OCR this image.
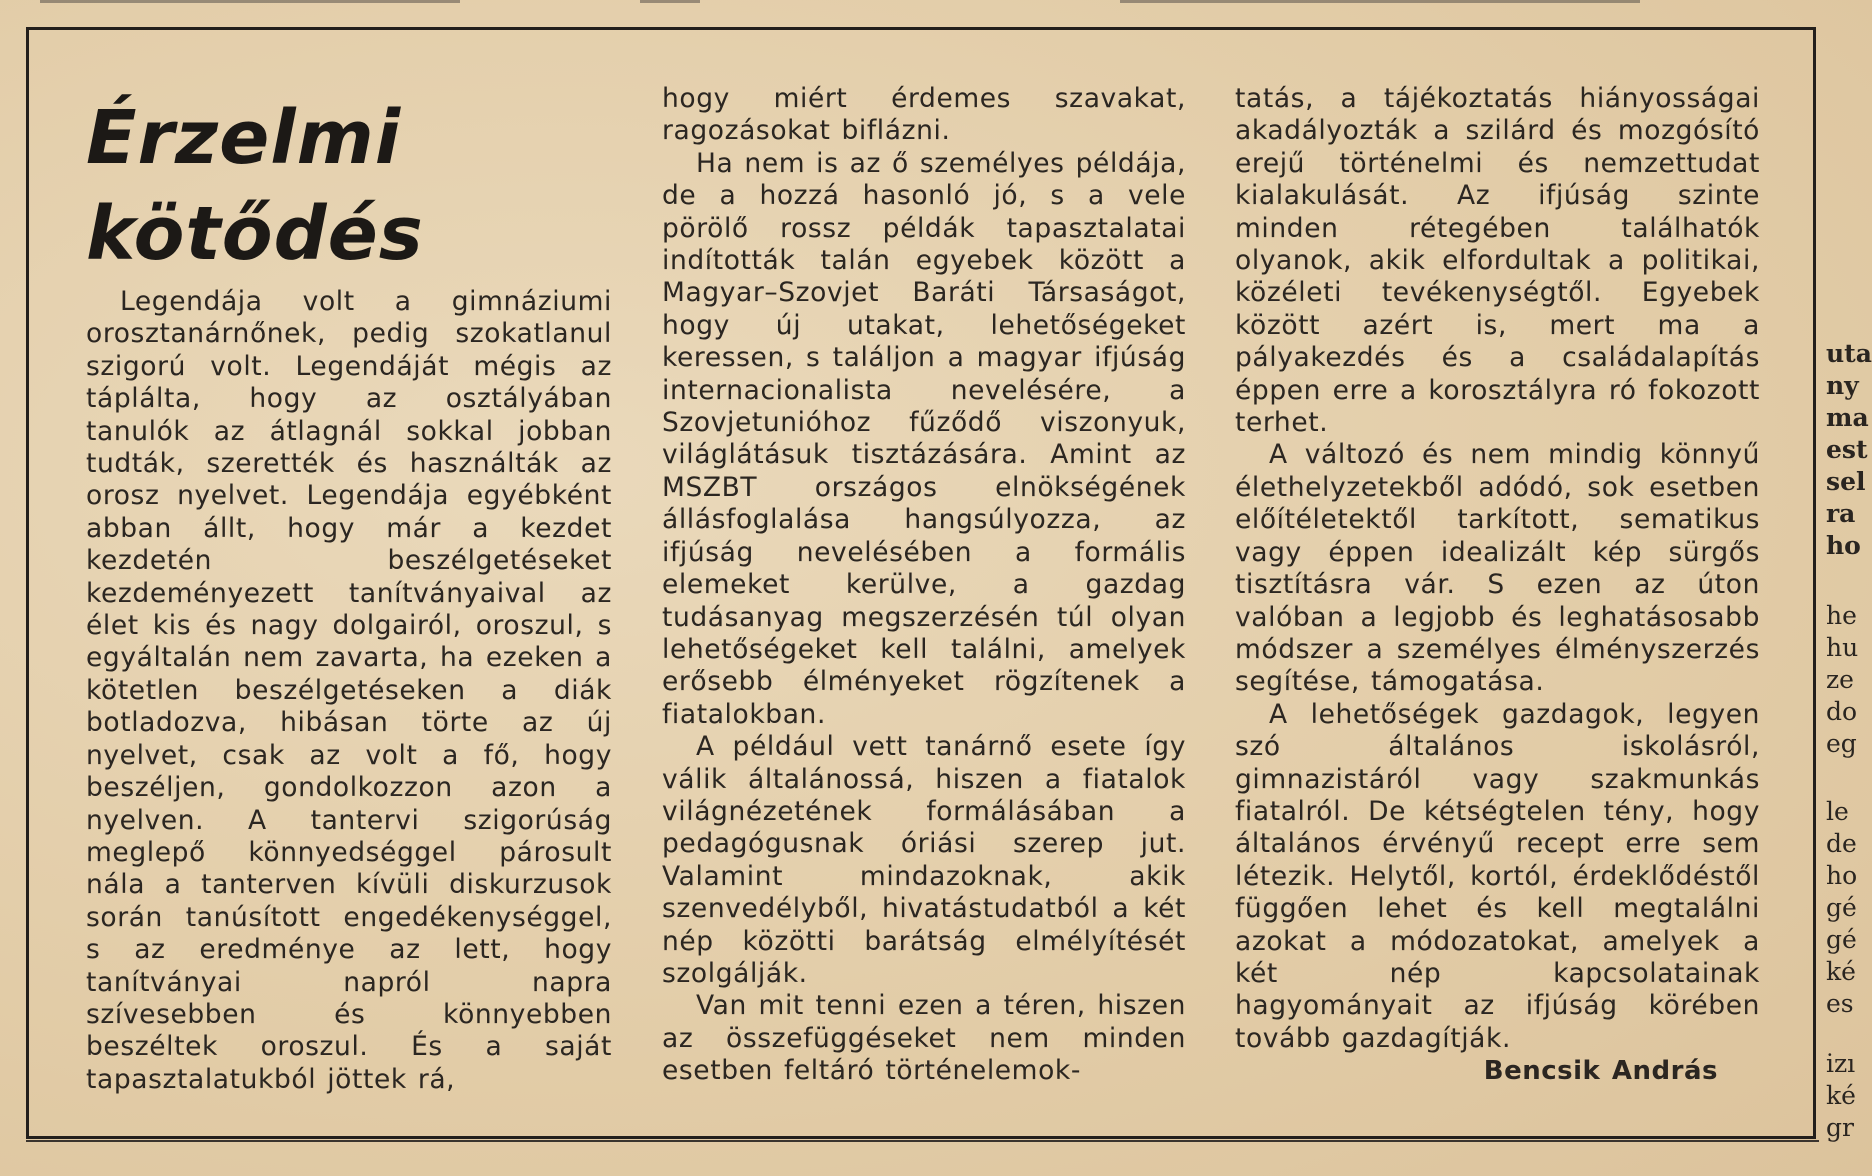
Érzelmi
kötődés

Legendája volt a gimnáziumi orosztanárnőnek, pedig szokatlanul szigorú volt. Legendáját mégis az táplálta, hogy az osztályában tanulók az átlagnál sokkal jobban tudták, szerették és használták az orosz nyelvet. Legendája egyébként abban állt, hogy már a kezdet kezdetén beszélgetéseket kezdeményezett tanítványaival az élet kis és nagy dolgairól, oroszul, s egyáltalán nem zavarta, ha ezeken a kötetlen beszélgetéseken a diák botladozva, hibásan törte az új nyelvet, csak az volt a fő, hogy beszéljen, gondolkozzon azon a nyelven. A tantervi szigorúság meglepő könnyedséggel párosult nála a tanterven kívüli diskurzusok során tanúsított engedékenységgel, s az eredménye az lett, hogy tanítványai napról napra szívesebben és könnyebben beszéltek oroszul. És a saját tapasztalatukból jöttek rá,

hogy miért érdemes szavakat, ragozásokat biflázni.

Ha nem is az ő személyes példája, de a hozzá hasonló jó, s a vele pörölő rossz példák tapasztalatai indították talán egyebek között a Magyar–Szovjet Baráti Társaságot, hogy új utakat, lehetőségeket keressen, s találjon a magyar ifjúság internacionalista nevelésére, a Szovjetunióhoz fűződő viszonyuk, világlátásuk tisztázására. Amint az MSZBT országos elnökségének állásfoglalása hangsúlyozza, az ifjúság nevelésében a formális elemeket kerülve, a gazdag tudásanyag megszerzésén túl olyan lehetőségeket kell találni, amelyek erősebb élményeket rögzítenek a fiatalokban.

A például vett tanárnő esete így válik általánossá, hiszen a fiatalok világnézetének formálásában a pedagógusnak óriási szerep jut. Valamint mindazoknak, akik szenvedélyből, hivatástudatból a két nép közötti barátság elmélyítését szolgálják.

Van mit tenni ezen a téren, hiszen az összefüggéseket nem minden esetben feltáró történelemok-

tatás, a tájékoztatás hiányosságai akadályozták a szilárd és mozgósító erejű történelmi és nemzettudat kialakulását. Az ifjúság szinte minden rétegében találhatók olyanok, akik elfordultak a politikai, közéleti tevékenységtől. Egyebek között azért is, mert ma a pályakezdés és a családalapítás éppen erre a korosztályra ró fokozott terhet.

A változó és nem mindig könnyű élethelyzetekből adódó, sok esetben előítéletektől tarkított, sematikus vagy éppen idealizált kép sürgős tisztításra vár. S ezen az úton valóban a legjobb és leghatásosabb módszer a személyes élményszerzés segítése, támogatása.

A lehetőségek gazdagok, legyen szó általános iskolásról, gimnazistáról vagy szakmunkás fiatalról. De kétségtelen tény, hogy általános érvényű recept erre sem létezik. Helytől, kortól, érdeklődéstől függően lehet és kell megtalálni azokat a módozatokat, amelyek a két nép kapcsolatainak hagyományait az ifjúság körében tovább gazdagítják.

Bencsik András

uta
ny
ma
est
sel
ra
ho
he
hu
ze
do
eg
le
de
ho
gé
gé
ké
es
izı
ké
gr
